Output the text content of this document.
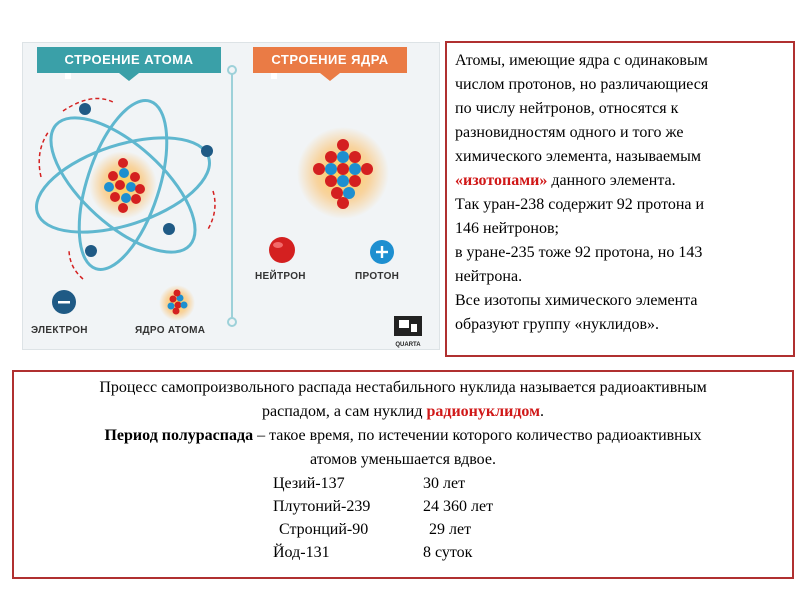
СТРОЕНИЕ АТОМА	СТРОЕНИЕ ЯДРА
ЭЛЕКТРОН	ЯДРО АТОМА
НЕЙТРОН	ПРОТОН
QUARTA
Атомы, имеющие ядра с одинаковым
числом протонов, но различающиеся
по числу нейтронов, относятся к
разновидностям одного и того же
химического элемента, называемым
«изотопами» данного элемента.
Так уран-238 содержит 92 протона и
146 нейтронов;
в уране-235 тоже 92 протона, но 143
нейтрона.
Все изотопы химического элемента
образуют группу «нуклидов».
Процесс самопроизвольного распада нестабильного нуклида называется радиоактивным
распадом, а сам нуклид радионуклидом.
Период полураспада – такое время, по истечении которого количество радиоактивных
атомов уменьшается вдвое.
Цезий-137	30 лет
Плутоний-239	24 360 лет
Стронций-90	29 лет
Йод-131	8 суток
